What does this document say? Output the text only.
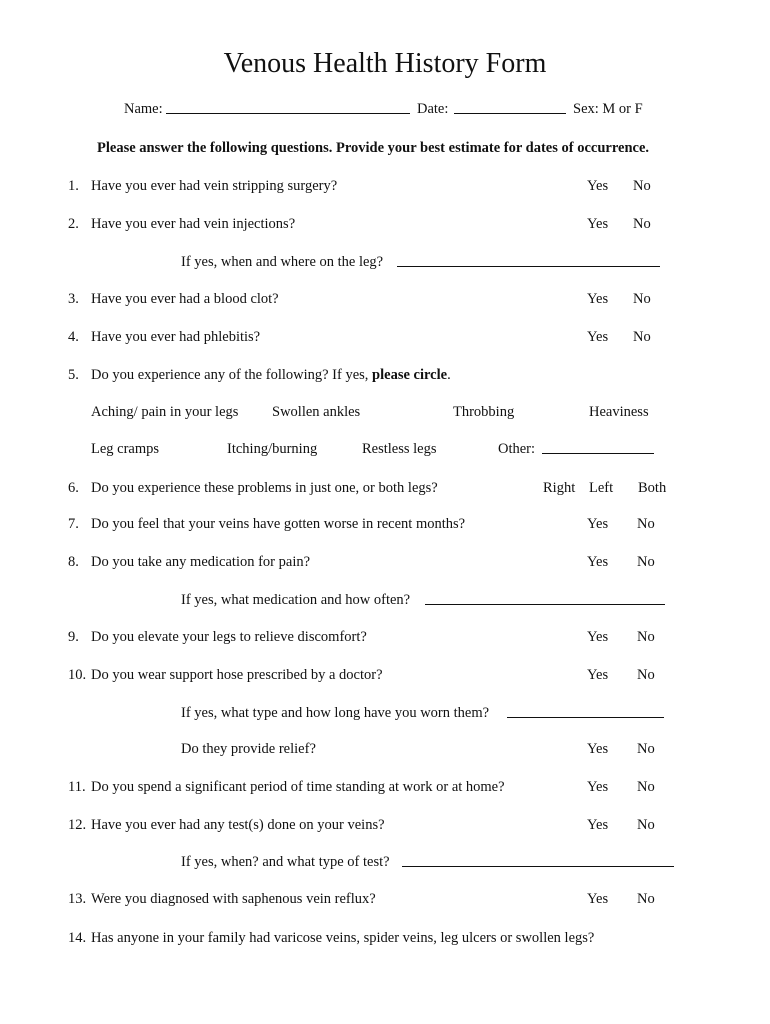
Venous Health History Form
Name:	Date:	Sex: M or F
Please answer the following questions. Provide your best estimate for dates of occurrence.
1. Have you ever had vein stripping surgery?	Yes No
2. Have you ever had vein injections?	Yes No
If yes, when and where on the leg?
3. Have you ever had a blood clot?	Yes No
4. Have you ever had phlebitis?	Yes No
5. Do you experience any of the following? If yes, please circle.
Aching/ pain in your legs Swollen ankles	Throbbing	Heaviness
Leg cramps	Itching/burning	Restless legs	Other:
6. Do you experience these problems in just one, or both legs?	Right Left Both
7. Do you feel that your veins have gotten worse in recent months?	Yes No
8. Do you take any medication for pain?	Yes No
If yes, what medication and how often?
9. Do you elevate your legs to relieve discomfort?	Yes No
10. Do you wear support hose prescribed by a doctor?	Yes No
If yes, what type and how long have you worn them?
Do they provide relief?	Yes No
11. Do you spend a significant period of time standing at work or at home?	Yes No
12. Have you ever had any test(s) done on your veins?	Yes No
If yes, when? and what type of test?
13. Were you diagnosed with saphenous vein reflux?	Yes No
14. Has anyone in your family had varicose veins, spider veins, leg ulcers or swollen legs?
